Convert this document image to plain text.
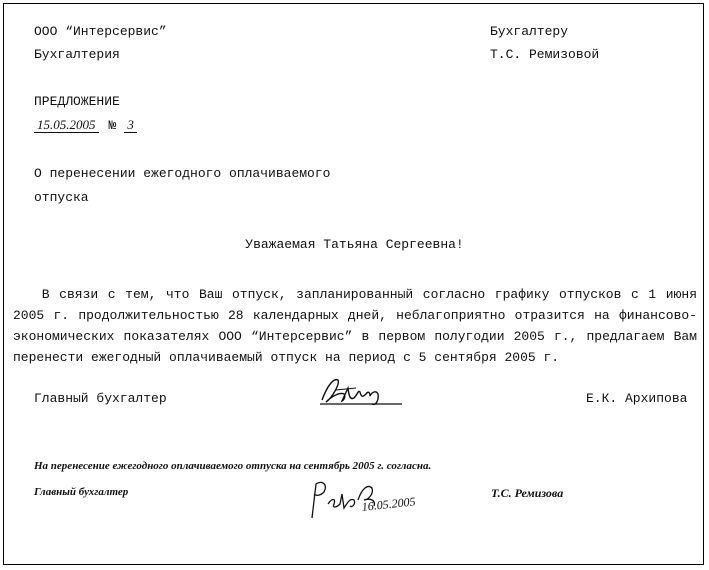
ООО “Интерсервис”
Бухгалтерия
Бухгалтеру
Т.С. Ремизовой
ПРЕДЛОЖЕНИЕ
15.05.2005 № 3
О перенесении ежегодного оплачиваемого
отпуска
Уважаемая Татьяна Сергеевна!
В связи с тем, что Ваш отпуск, запланированный согласно графику отпусков с 1 июня
2005 г. продолжительностью 28 календарных дней, неблагоприятно отразится на финансово-
экономических показателях ООО “Интерсервис” в первом полугодии 2005 г., предлагаем Вам
перенести ежегодный оплачиваемый отпуск на период с 5 сентября 2005 г.
Главный бухгалтер	Е.К. Архипова
На перенесение ежегодного оплачиваемого отпуска на сентябрь 2005 г. согласна.
Главный бухгалтер
16.05.2005
Т.С. Ремизова
